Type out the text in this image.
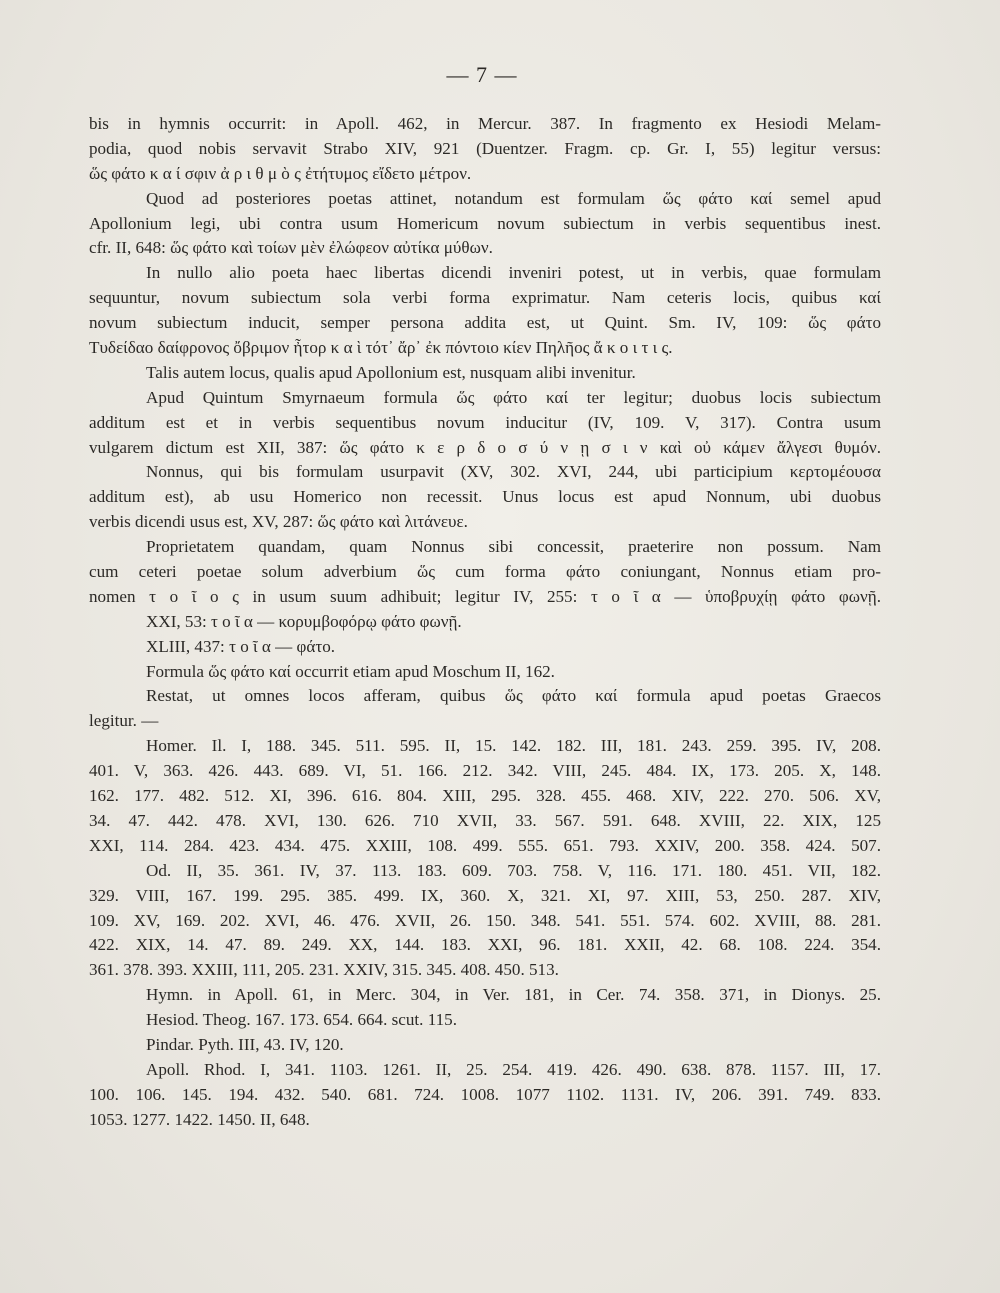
— 7 —
bis in hymnis occurrit: in Apoll. 462, in Mercur. 387. In fragmento ex Hesiodi Melam-
podia, quod nobis servavit Strabo XIV, 921 (Duentzer. Fragm. cp. Gr. I, 55) legitur versus:
ὥς φάτο κ α ί σφιν ἀ ρ ι θ μ ὸ ς ἐτήτυμος εἴδετο μέτρον.
Quod ad posteriores poetas attinet, notandum est formulam ὥς φάτο καί semel apud
Apollonium legi, ubi contra usum Homericum novum subiectum in verbis sequentibus inest.
cfr. II, 648: ὥς φάτο καὶ τοίων μὲν ἐλώφεον αὐτίκα μύθων.
In nullo alio poeta haec libertas dicendi inveniri potest, ut in verbis, quae formulam
sequuntur, novum subiectum sola verbi forma exprimatur. Nam ceteris locis, quibus καί
novum subiectum inducit, semper persona addita est, ut Quint. Sm. IV, 109: ὥς φάτο
Τυδείδαο δαίφρονος ὄβριμον ἦτορ κ α ὶ τότ᾽ ἄρ᾽ ἐκ πόντοιο κίεν Πηλῆος ἄ κ ο ι τ ι ς.
Talis autem locus, qualis apud Apollonium est, nusquam alibi invenitur.
Apud Quintum Smyrnaeum formula ὥς φάτο καί ter legitur; duobus locis subiectum
additum est et in verbis sequentibus novum inducitur (IV, 109. V, 317). Contra usum
vulgarem dictum est XII, 387: ὥς φάτο κ ε ρ δ ο σ ύ ν ῃ σ ι ν καὶ οὐ κάμεν ἄλγεσι θυμόν.
Nonnus, qui bis formulam usurpavit (XV, 302. XVI, 244, ubi participium κερτομέουσα
additum est), ab usu Homerico non recessit. Unus locus est apud Nonnum, ubi duobus
verbis dicendi usus est, XV, 287: ὥς φάτο καὶ λιτάνευε.
Proprietatem quandam, quam Nonnus sibi concessit, praeterire non possum. Nam
cum ceteri poetae solum adverbium ὥς cum forma φάτο coniungant, Nonnus etiam pro-
nomen τ ο ῖ ο ς in usum suum adhibuit; legitur IV, 255: τ ο ῖ α — ὑποβρυχίῃ φάτο φωνῇ.
XXI, 53: τ ο ῖ α — κορυμβοφόρῳ φάτο φωνῇ.
XLIII, 437: τ ο ῖ α — φάτο.
Formula ὥς φάτο καί occurrit etiam apud Moschum II, 162.
Restat, ut omnes locos afferam, quibus ὥς φάτο καί formula apud poetas Graecos
legitur. —
Homer. Il. I, 188. 345. 511. 595. II, 15. 142. 182. III, 181. 243. 259. 395. IV, 208.
401. V, 363. 426. 443. 689. VI, 51. 166. 212. 342. VIII, 245. 484. IX, 173. 205. X, 148.
162. 177. 482. 512. XI, 396. 616. 804. XIII, 295. 328. 455. 468. XIV, 222. 270. 506. XV,
34. 47. 442. 478. XVI, 130. 626. 710 XVII, 33. 567. 591. 648. XVIII, 22. XIX, 125
XXI, 114. 284. 423. 434. 475. XXIII, 108. 499. 555. 651. 793. XXIV, 200. 358. 424. 507.
Od. II, 35. 361. IV, 37. 113. 183. 609. 703. 758. V, 116. 171. 180. 451. VII, 182.
329. VIII, 167. 199. 295. 385. 499. IX, 360. X, 321. XI, 97. XIII, 53, 250. 287. XIV,
109. XV, 169. 202. XVI, 46. 476. XVII, 26. 150. 348. 541. 551. 574. 602. XVIII, 88. 281.
422. XIX, 14. 47. 89. 249. XX, 144. 183. XXI, 96. 181. XXII, 42. 68. 108. 224. 354.
361. 378. 393. XXIII, 111, 205. 231. XXIV, 315. 345. 408. 450. 513.
Hymn. in Apoll. 61, in Merc. 304, in Ver. 181, in Cer. 74. 358. 371, in Dionys. 25.
Hesiod. Theog. 167. 173. 654. 664. scut. 115.
Pindar. Pyth. III, 43. IV, 120.
Apoll. Rhod. I, 341. 1103. 1261. II, 25. 254. 419. 426. 490. 638. 878. 1157. III, 17.
100. 106. 145. 194. 432. 540. 681. 724. 1008. 1077 1102. 1131. IV, 206. 391. 749. 833.
1053. 1277. 1422. 1450. II, 648.
